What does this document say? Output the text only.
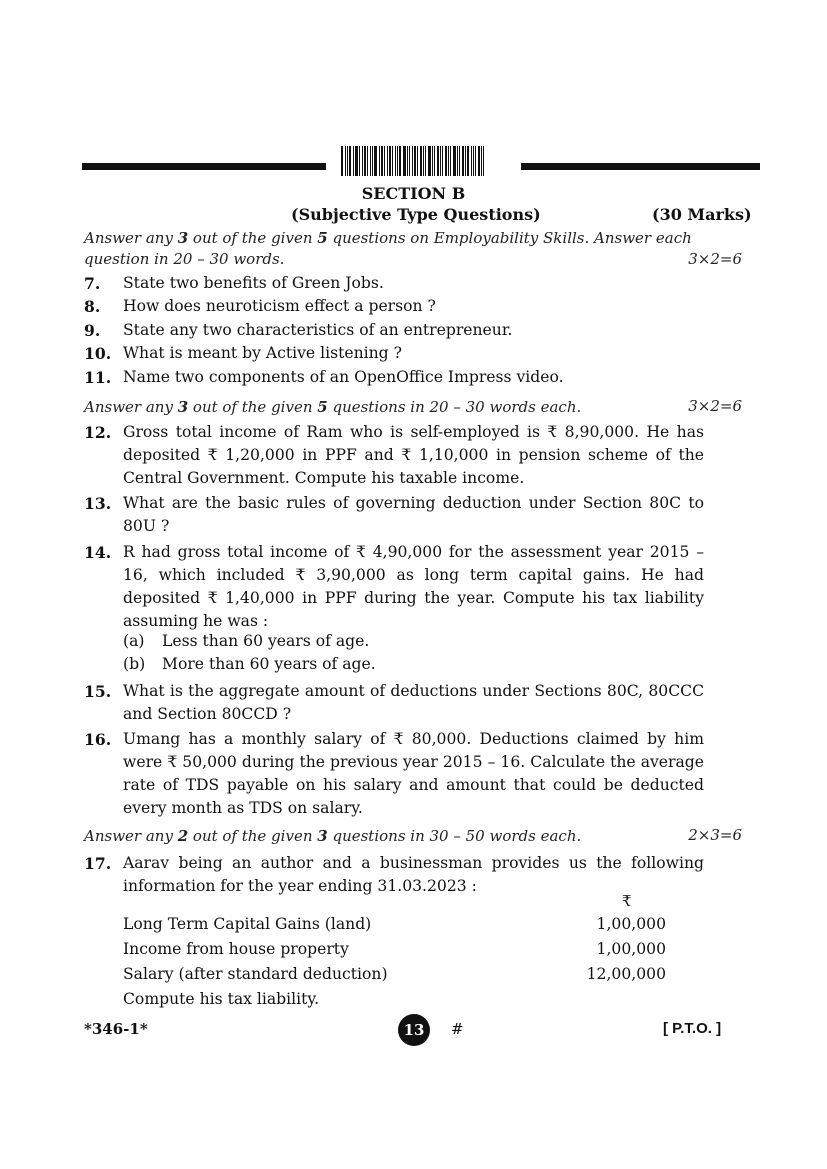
SECTION B
(Subjective Type Questions)	(30 Marks)
Answer any 3 out of the given 5 questions on Employability Skills. Answer each
question in 20 – 30 words.	3×2=6
7. State two benefits of Green Jobs.
8. How does neuroticism effect a person ?
9. State any two characteristics of an entrepreneur.
10. What is meant by Active listening ?
11. Name two components of an OpenOffice Impress video.
Answer any 3 out of the given 5 questions in 20 – 30 words each.	3×2=6
12. Gross total income of Ram who is self-employed is ₹ 8,90,000. He has deposited ₹ 1,20,000 in PPF and ₹ 1,10,000 in pension scheme of the Central Government. Compute his taxable income.
13. What are the basic rules of governing deduction under Section 80C to 80U ?
14. R had gross total income of ₹ 4,90,000 for the assessment year 2015 – 16, which included ₹ 3,90,000 as long term capital gains. He had deposited ₹ 1,40,000 in PPF during the year. Compute his tax liability assuming he was :
(a) Less than 60 years of age.
(b) More than 60 years of age.
15. What is the aggregate amount of deductions under Sections 80C, 80CCC and Section 80CCD ?
16. Umang has a monthly salary of ₹ 80,000. Deductions claimed by him were ₹ 50,000 during the previous year 2015 – 16. Calculate the average rate of TDS payable on his salary and amount that could be deducted every month as TDS on salary.
Answer any 2 out of the given 3 questions in 30 – 50 words each.	2×3=6
17. Aarav being an author and a businessman provides us the following information for the year ending 31.03.2023 :
₹
Long Term Capital Gains (land)	1,00,000
Income from house property	1,00,000
Salary (after standard deduction)	12,00,000
Compute his tax liability.
*346-1*	13	#	[ P.T.O. ]
